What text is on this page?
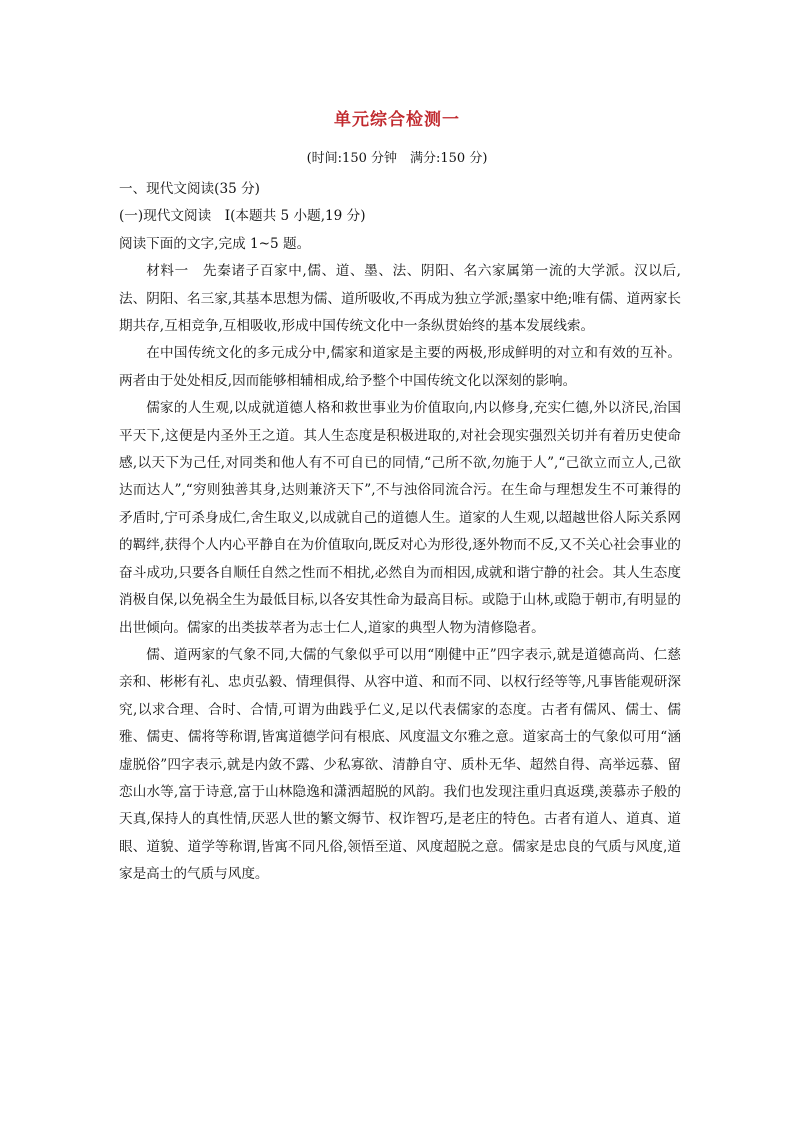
单元综合检测一
(时间:150 分钟　满分:150 分)

一、现代文阅读(35 分)

(一)现代文阅读　Ⅰ(本题共 5 小题,19 分)

阅读下面的文字,完成 1~5 题。

材料一　先秦诸子百家中,儒、道、墨、法、阴阳、名六家属第一流的大学派。汉以后,法、阴阳、名三家,其基本思想为儒、道所吸收,不再成为独立学派;墨家中绝;唯有儒、道两家长期共存,互相竞争,互相吸收,形成中国传统文化中一条纵贯始终的基本发展线索。

在中国传统文化的多元成分中,儒家和道家是主要的两极,形成鲜明的对立和有效的互补。两者由于处处相反,因而能够相辅相成,给予整个中国传统文化以深刻的影响。

儒家的人生观,以成就道德人格和救世事业为价值取向,内以修身,充实仁德,外以济民,治国平天下,这便是内圣外王之道。其人生态度是积极进取的,对社会现实强烈关切并有着历史使命感,以天下为己任,对同类和他人有不可自已的同情,“己所不欲,勿施于人”,“己欲立而立人,己欲达而达人”,“穷则独善其身,达则兼济天下”,不与浊俗同流合污。在生命与理想发生不可兼得的矛盾时,宁可杀身成仁,舍生取义,以成就自己的道德人生。道家的人生观,以超越世俗人际关系网的羁绊,获得个人内心平静自在为价值取向,既反对心为形役,逐外物而不反,又不关心社会事业的奋斗成功,只要各自顺任自然之性而不相扰,必然自为而相因,成就和谐宁静的社会。其人生态度消极自保,以免祸全生为最低目标,以各安其性命为最高目标。或隐于山林,或隐于朝市,有明显的出世倾向。儒家的出类拔萃者为志士仁人,道家的典型人物为清修隐者。

儒、道两家的气象不同,大儒的气象似乎可以用“刚健中正”四字表示,就是道德高尚、仁慈亲和、彬彬有礼、忠贞弘毅、情理俱得、从容中道、和而不同、以权行经等等,凡事皆能观研深究,以求合理、合时、合情,可谓为曲践乎仁义,足以代表儒家的态度。古者有儒风、儒士、儒雅、儒吏、儒将等称谓,皆寓道德学问有根底、风度温文尔雅之意。道家高士的气象似可用“涵虚脱俗”四字表示,就是内敛不露、少私寡欲、清静自守、质朴无华、超然自得、高举远慕、留恋山水等,富于诗意,富于山林隐逸和潇洒超脱的风韵。我们也发现注重归真返璞,羡慕赤子般的天真,保持人的真性情,厌恶人世的繁文缛节、权诈智巧,是老庄的特色。古者有道人、道真、道眼、道貌、道学等称谓,皆寓不同凡俗,领悟至道、风度超脱之意。儒家是忠良的气质与风度,道家是高士的气质与风度。
